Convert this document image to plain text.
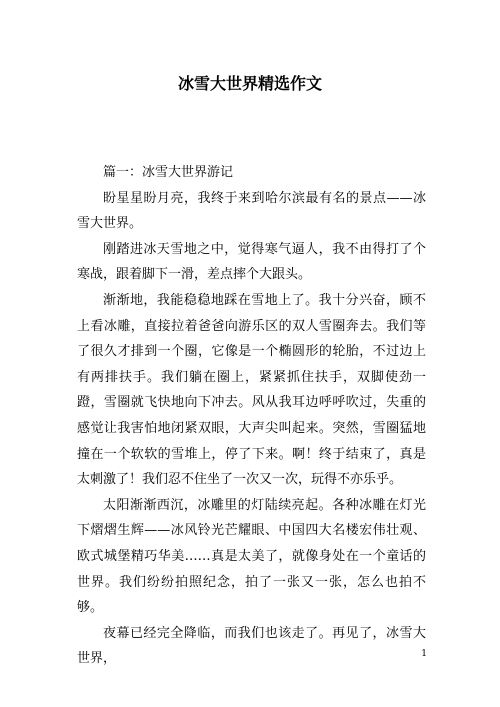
冰雪大世界精选作文

篇一：冰雪大世界游记

盼星星盼月亮，我终于来到哈尔滨最有名的景点——冰雪大世界。

刚踏进冰天雪地之中，觉得寒气逼人，我不由得打了个寒战，跟着脚下一滑，差点摔个大跟头。

渐渐地，我能稳稳地踩在雪地上了。我十分兴奋，顾不上看冰雕，直接拉着爸爸向游乐区的双人雪圈奔去。我们等了很久才排到一个圈，它像是一个椭圆形的轮胎，不过边上有两排扶手。我们躺在圈上，紧紧抓住扶手，双脚使劲一蹬，雪圈就飞快地向下冲去。风从我耳边呼呼吹过，失重的感觉让我害怕地闭紧双眼，大声尖叫起来。突然，雪圈猛地撞在一个软软的雪堆上，停了下来。啊！终于结束了，真是太刺激了！我们忍不住坐了一次又一次，玩得不亦乐乎。

太阳渐渐西沉，冰雕里的灯陆续亮起。各种冰雕在灯光下熠熠生辉——冰风铃光芒耀眼、中国四大名楼宏伟壮观、欧式城堡精巧华美……真是太美了，就像身处在一个童话的世界。我们纷纷拍照纪念，拍了一张又一张，怎么也拍不够。

夜幕已经完全降临，而我们也该走了。再见了，冰雪大世界，	1
